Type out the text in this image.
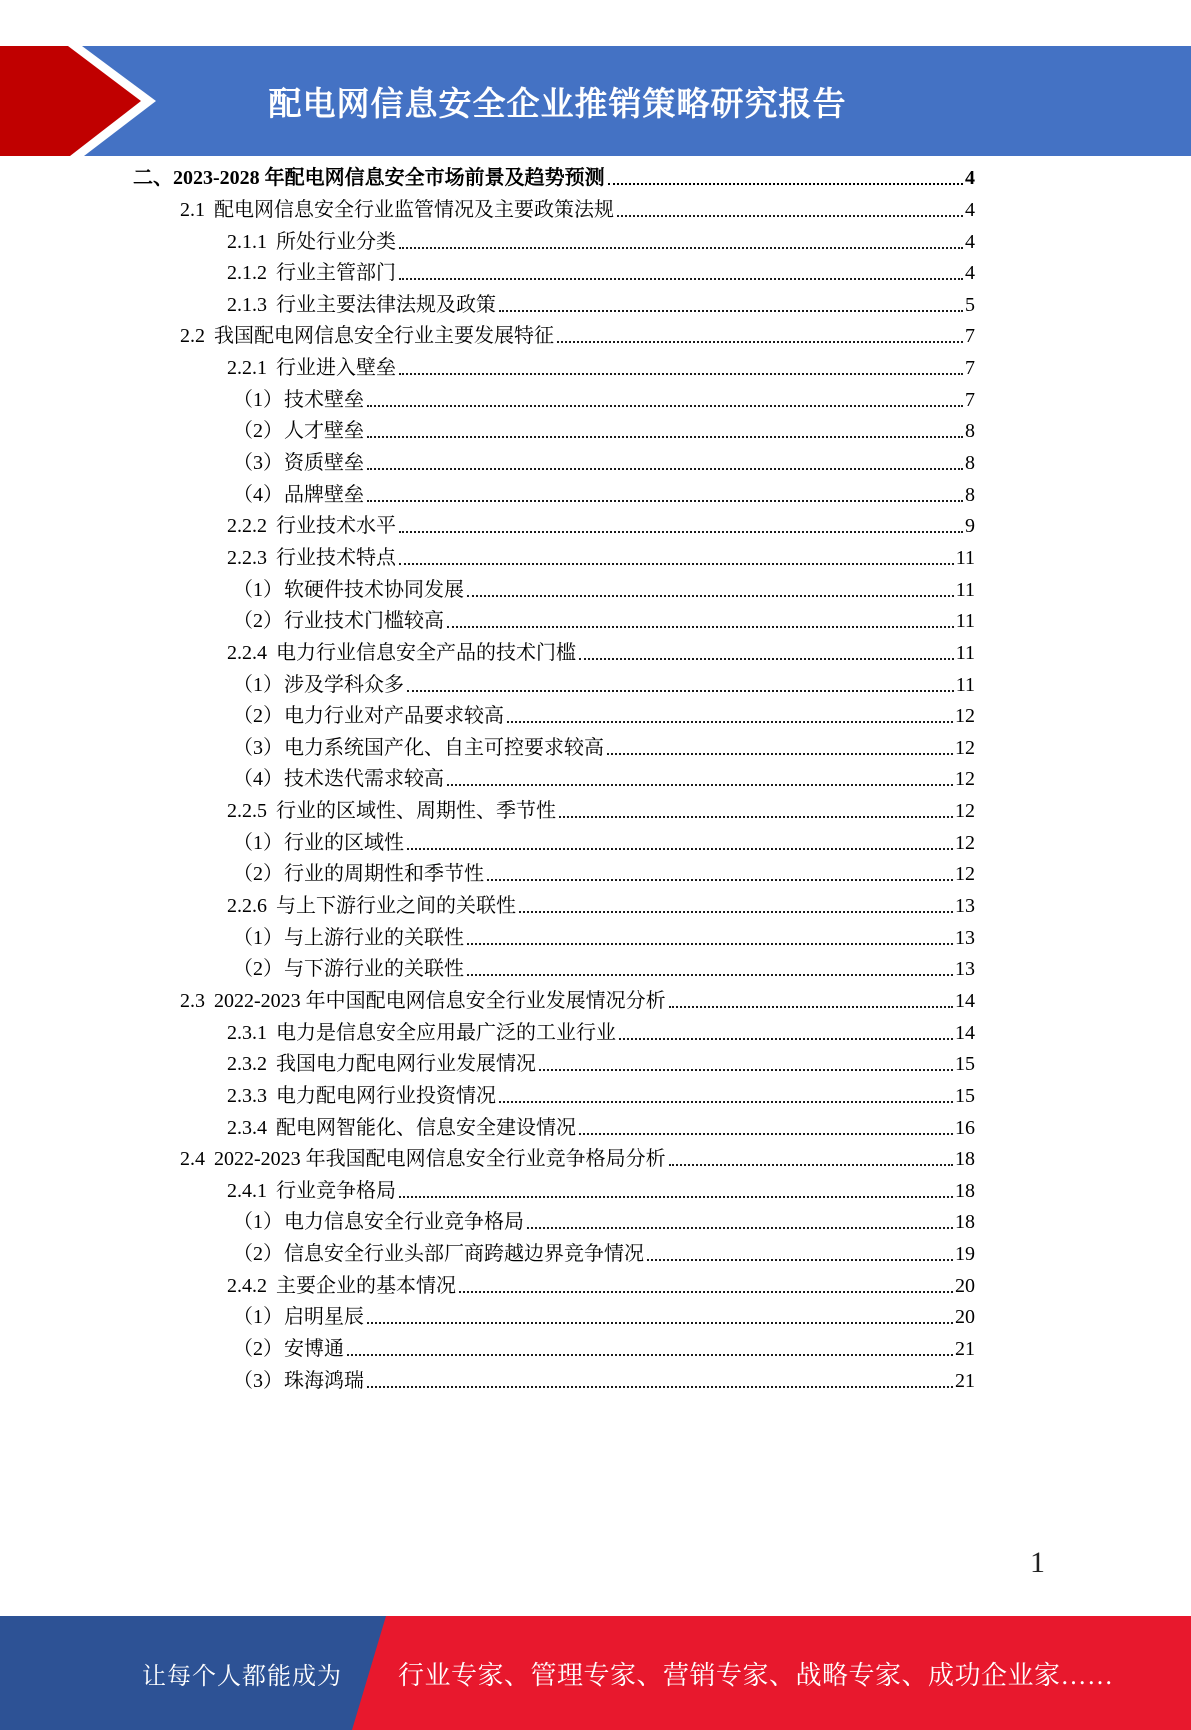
配电网信息安全企业推销策略研究报告
二、 2023-2028 年配电网信息安全市场前景及趋势预测	4
2.1 配电网信息安全行业监管情况及主要政策法规	4
2.1.1 所处行业分类	4
2.1.2 行业主管部门	4
2.1.3 行业主要法律法规及政策	5
2.2 我国配电网信息安全行业主要发展特征	7
2.2.1 行业进入壁垒	7
（1） 技术壁垒	7
（2） 人才壁垒	8
（3） 资质壁垒	8
（4） 品牌壁垒	8
2.2.2 行业技术水平	9
2.2.3 行业技术特点	11
（1） 软硬件技术协同发展	11
（2） 行业技术门槛较高	11
2.2.4 电力行业信息安全产品的技术门槛	11
（1） 涉及学科众多	11
（2） 电力行业对产品要求较高	12
（3） 电力系统国产化、自主可控要求较高	12
（4） 技术迭代需求较高	12
2.2.5 行业的区域性、周期性、季节性	12
（1） 行业的区域性	12
（2） 行业的周期性和季节性	12
2.2.6 与上下游行业之间的关联性	13
（1） 与上游行业的关联性	13
（2） 与下游行业的关联性	13
2.3 2022-2023 年中国配电网信息安全行业发展情况分析	14
2.3.1 电力是信息安全应用最广泛的工业行业	14
2.3.2 我国电力配电网行业发展情况	15
2.3.3 电力配电网行业投资情况	15
2.3.4 配电网智能化、信息安全建设情况	16
2.4 2022-2023 年我国配电网信息安全行业竞争格局分析	18
2.4.1 行业竞争格局	18
（1） 电力信息安全行业竞争格局	18
（2） 信息安全行业头部厂商跨越边界竞争情况	19
2.4.2 主要企业的基本情况	20
（1） 启明星辰	20
（2） 安博通	21
（3） 珠海鸿瑞	21
1
让每个人都能成为	行业专家、管理专家、营销专家、战略专家、成功企业家……
